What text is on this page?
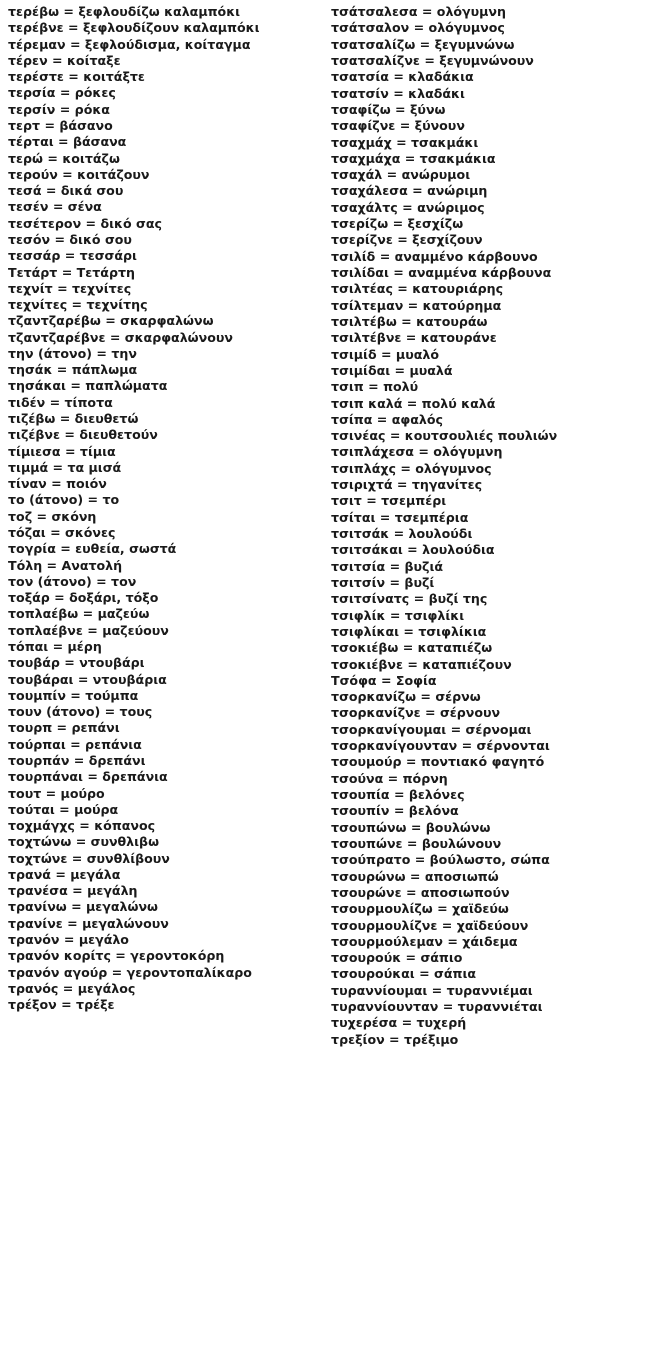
τερέβω = ξεφλουδίζω καλαμπόκι

τερέβνε = ξεφλουδίζουν καλαμπόκι

τέρεμαν = ξεφλούδισμα, κοίταγμα

τέρεν = κοίταξε

τερέστε = κοιτάξτε

τερσία = ρόκες

τερσίν = ρόκα

τερτ = βάσανο

τέρται = βάσανα

τερώ = κοιτάζω

τερούν = κοιτάζουν

τεσά = δικά σου

τεσέν = σένα

τεσέτερον = δικό σας

τεσόν = δικό σου

τεσσάρ = τεσσάρι

Τετάρτ = Τετάρτη

τεχνίτ = τεχνίτες

τεχνίτες = τεχνίτης

τζαντζαρέβω = σκαρφαλώνω

τζαντζαρέβνε = σκαρφαλώνουν

την (άτονο) = την

τησάκ = πάπλωμα

τησάκαι = παπλώματα

τιδέν = τίποτα

τιζέβω = διευθετώ

τιζέβνε = διευθετούν

τίμιεσα = τίμια

τιμμά = τα μισά

τίναν = ποιόν

το (άτονο) = το

τοζ = σκόνη

τόζαι = σκόνες

τογρία = ευθεία, σωστά

Τόλη = Ανατολή

τον (άτονο) = τον

τοξάρ = δοξάρι, τόξο

τοπλαέβω = μαζεύω

τοπλαέβνε = μαζεύουν

τόπαι = μέρη

τουβάρ = ντουβάρι

τουβάραι = ντουβάρια

τουμπίν = τούμπα

τουν (άτονο) = τους

τουρπ = ρεπάνι

τούρπαι = ρεπάνια

τουρπάν = δρεπάνι

τουρπάναι = δρεπάνια

τουτ = μούρο

τούται = μούρα

τοχμάγχς = κόπανος

τοχτώνω = συνθλιβω

τοχτώνε = συνθλίβουν

τρανά = μεγάλα

τρανέσα = μεγάλη

τρανίνω = μεγαλώνω

τρανίνε = μεγαλώνουν

τρανόν = μεγάλο

τρανόν κορίτς = γεροντοκόρη

τρανόν αγούρ = γεροντοπαλίκαρο

τρανός = μεγάλος

τρέξον = τρέξε

τσάτσαλεσα = ολόγυμνη

τσάτσαλον = ολόγυμνος

τσατσαλίζω = ξεγυμνώνω

τσατσαλίζνε = ξεγυμνώνουν

τσατσία = κλαδάκια

τσατσίν = κλαδάκι

τσαφίζω = ξύνω

τσαφίζνε = ξύνουν

τσαχμάχ = τσακμάκι

τσαχμάχα = τσακμάκια

τσαχάλ = ανώρυμοι

τσαχάλεσα = ανώριμη

τσαχάλτς = ανώριμος

τσερίζω = ξεσχίζω

τσερίζνε = ξεσχίζουν

τσιλίδ = αναμμένο κάρβουνο

τσιλίδαι = αναμμένα κάρβουνα

τσιλτέας = κατουριάρης

τσίλτεμαν = κατούρημα

τσιλτέβω = κατουράω

τσιλτέβνε = κατουράνε

τσιμίδ = μυαλό

τσιμίδαι = μυαλά

τσιπ = πολύ

τσιπ καλά = πολύ καλά

τσίπα = αφαλός

τσινέας = κουτσουλιές πουλιών

τσιπλάχεσα = ολόγυμνη

τσιπλάχς = ολόγυμνος

τσιριχτά = τηγανίτες

τσιτ = τσεμπέρι

τσίται = τσεμπέρια

τσιτσάκ = λουλούδι

τσιτσάκαι = λουλούδια

τσιτσία = βυζιά

τσιτσίν = βυζί

τσιτσίνατς = βυζί της

τσιφλίκ = τσιφλίκι

τσιφλίκαι = τσιφλίκια

τσοκιέβω = καταπιέζω

τσοκιέβνε = καταπιέζουν

Τσόφα = Σοφία

τσορκανίζω = σέρνω

τσορκανίζνε = σέρνουν

τσορκανίγουμαι = σέρνομαι

τσορκανίγουνταν = σέρνονται

τσουμούρ = ποντιακό φαγητό

τσούνα = πόρνη

τσουπία = βελόνες

τσουπίν = βελόνα

τσουπώνω = βουλώνω

τσουπώνε = βουλώνουν

τσούπρατο = βούλωστο, σώπα

τσουρώνω = αποσιωπώ

τσουρώνε = αποσιωπούν

τσουρμουλίζω = χαϊδεύω

τσουρμουλίζνε = χαϊδεύουν

τσουρμούλεμαν = χάιδεμα

τσουρούκ = σάπιο

τσουρούκαι = σάπια

τυραννίουμαι = τυραννιέμαι

τυραννίουνταν = τυραννιέται

τυχερέσα = τυχερή

τρεξίον = τρέξιμο
